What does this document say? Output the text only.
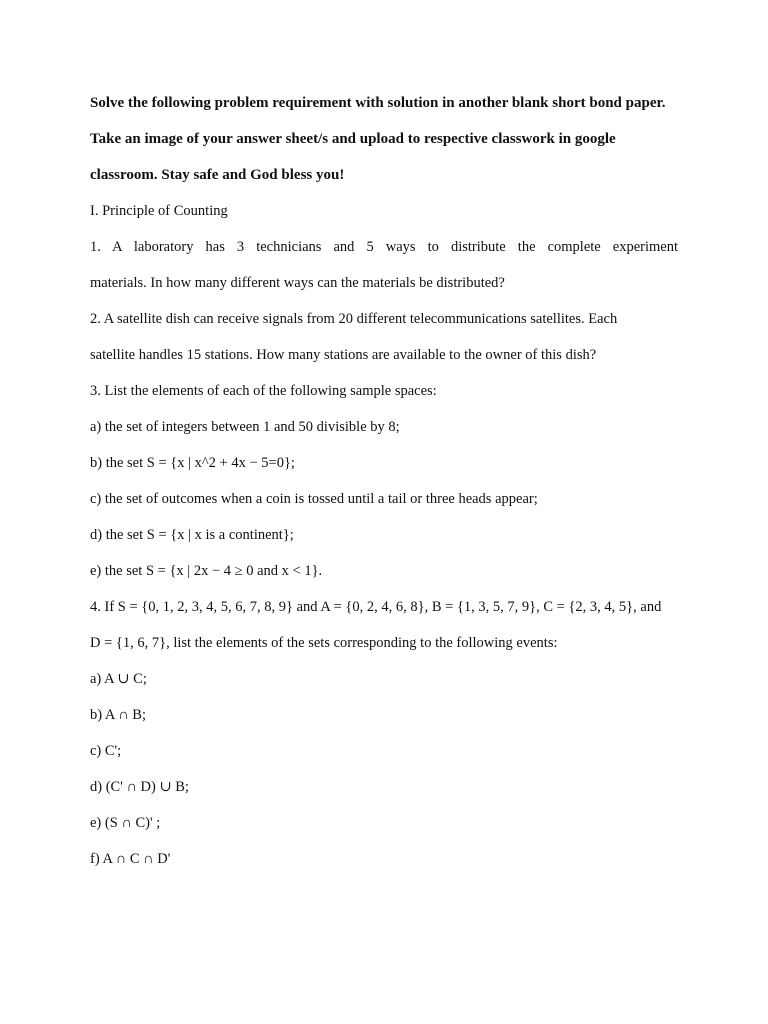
Solve the following problem requirement with solution in another blank short bond paper.
Take an image of your answer sheet/s and upload to respective classwork in google
classroom. Stay safe and God bless you!
I. Principle of Counting
1. A laboratory has 3 technicians and 5 ways to distribute the complete experiment
materials. In how many different ways can the materials be distributed?
2. A satellite dish can receive signals from 20 different telecommunications satellites. Each
satellite handles 15 stations. How many stations are available to the owner of this dish?
3. List the elements of each of the following sample spaces:
a) the set of integers between 1 and 50 divisible by 8;
b) the set S = {x | x^2 + 4x − 5=0};
c) the set of outcomes when a coin is tossed until a tail or three heads appear;
d) the set S = {x | x is a continent};
e) the set S = {x | 2x − 4 ≥ 0 and x < 1}.
4. If S = {0, 1, 2, 3, 4, 5, 6, 7, 8, 9} and A = {0, 2, 4, 6, 8}, B = {1, 3, 5, 7, 9}, C = {2, 3, 4, 5}, and
D = {1, 6, 7}, list the elements of the sets corresponding to the following events:
a) A ∪ C;
b) A ∩ B;
c) C';
d) (C' ∩ D) ∪ B;
e) (S ∩ C)' ;
f) A ∩ C ∩ D'
